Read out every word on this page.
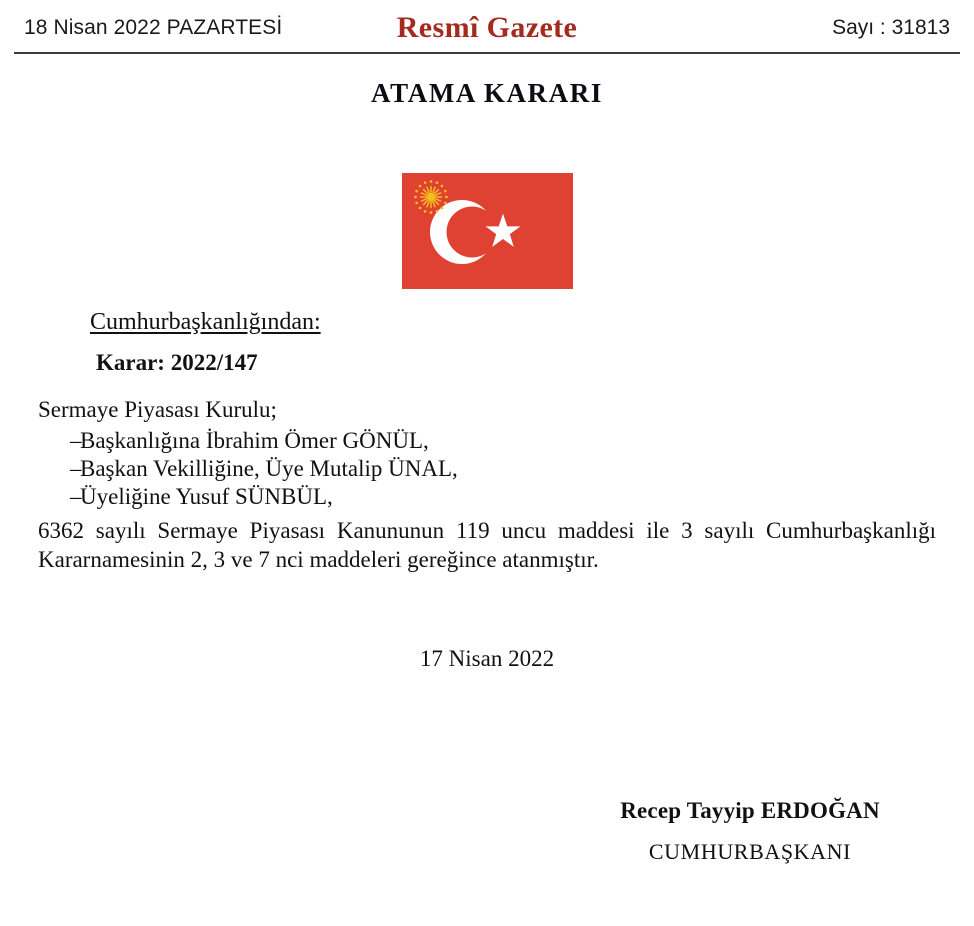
18 Nisan 2022 PAZARTESİ	Resmî Gazete	Sayı : 31813
ATAMA KARARI
Cumhurbaşkanlığından:
Karar: 2022/147
Sermaye Piyasası Kurulu;
–
Başkanlığına İbrahim Ömer GÖNÜL,
–
Başkan Vekilliğine, Üye Mutalip ÜNAL,
–
Üyeliğine Yusuf SÜNBÜL,
6362 sayılı Sermaye Piyasası Kanununun 119 uncu maddesi ile 3 sayılı Cumhurbaşkanlığı
Kararnamesinin 2, 3 ve 7 nci maddeleri gereğince atanmıştır.
17 Nisan 2022
Recep Tayyip ERDOĞAN
CUMHURBAŞKANI
